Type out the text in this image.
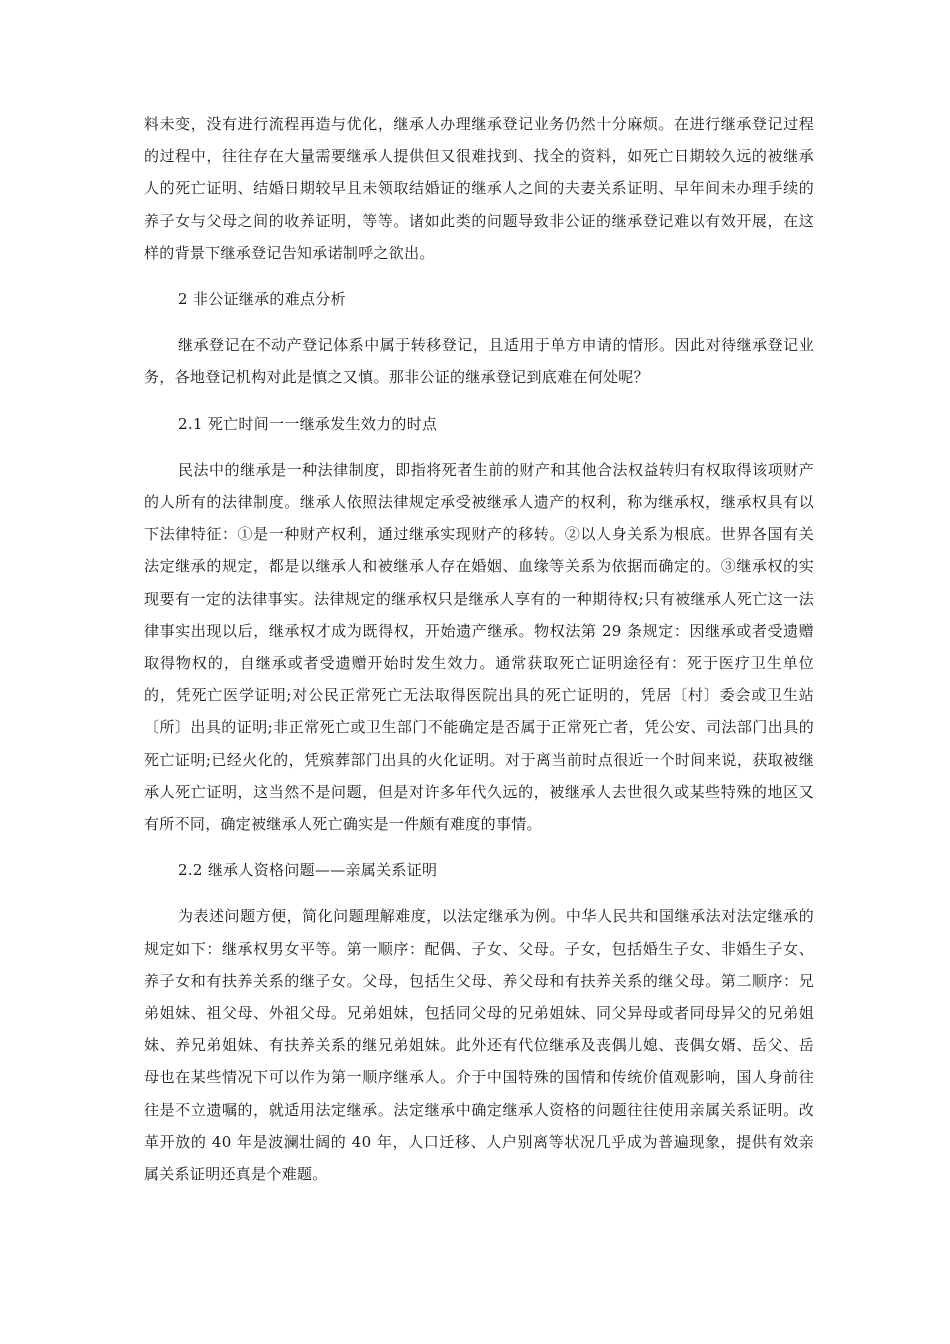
料未变，没有进行流程再造与优化，继承人办理继承登记业务仍然十分麻烦。在进行继承登记过程的过程中，往往存在大量需要继承人提供但又很难找到、找全的资料，如死亡日期较久远的被继承人的死亡证明、结婚日期较早且未领取结婚证的继承人之间的夫妻关系证明、早年间未办理手续的养子女与父母之间的收养证明，等等。诸如此类的问题导致非公证的继承登记难以有效开展，在这样的背景下继承登记告知承诺制呼之欲出。

2 非公证继承的难点分析

继承登记在不动产登记体系中属于转移登记，且适用于单方申请的情形。因此对待继承登记业务，各地登记机构对此是慎之又慎。那非公证的继承登记到底难在何处呢？

2.1 死亡时间一一继承发生效力的时点

民法中的继承是一种法律制度，即指将死者生前的财产和其他合法权益转归有权取得该项财产的人所有的法律制度。继承人依照法律规定承受被继承人遗产的权利，称为继承权，继承权具有以下法律特征：①是一种财产权利，通过继承实现财产的移转。②以人身关系为根底。世界各国有关法定继承的规定，都是以继承人和被继承人存在婚姻、血缘等关系为依据而确定的。③继承权的实现要有一定的法律事实。法律规定的继承权只是继承人享有的一种期待权;只有被继承人死亡这一法律事实出现以后，继承权才成为既得权，开始遗产继承。物权法第 29 条规定：因继承或者受遗赠取得物权的，自继承或者受遗赠开始时发生效力。通常获取死亡证明途径有：死于医疗卫生单位的，凭死亡医学证明;对公民正常死亡无法取得医院出具的死亡证明的，凭居〔村〕委会或卫生站〔所〕出具的证明;非正常死亡或卫生部门不能确定是否属于正常死亡者，凭公安、司法部门出具的死亡证明;已经火化的，凭殡葬部门出具的火化证明。对于离当前时点很近一个时间来说，获取被继承人死亡证明，这当然不是问题，但是对许多年代久远的，被继承人去世很久或某些特殊的地区又有所不同，确定被继承人死亡确实是一件颇有难度的事情。

2.2 继承人资格问题——亲属关系证明

为表述问题方便，简化问题理解难度，以法定继承为例。中华人民共和国继承法对法定继承的规定如下：继承权男女平等。第一顺序：配偶、子女、父母。子女，包括婚生子女、非婚生子女、养子女和有扶养关系的继子女。父母，包括生父母、养父母和有扶养关系的继父母。第二顺序：兄弟姐妹、祖父母、外祖父母。兄弟姐妹，包括同父母的兄弟姐妹、同父异母或者同母异父的兄弟姐妹、养兄弟姐妹、有扶养关系的继兄弟姐妹。此外还有代位继承及丧偶儿媳、丧偶女婿、岳父、岳母也在某些情况下可以作为第一顺序继承人。介于中国特殊的国情和传统价值观影响，国人身前往往是不立遗嘱的，就适用法定继承。法定继承中确定继承人资格的问题往往使用亲属关系证明。改革开放的 40 年是波澜壮阔的 40 年，人口迁移、人户别离等状况几乎成为普遍现象，提供有效亲属关系证明还真是个难题。
